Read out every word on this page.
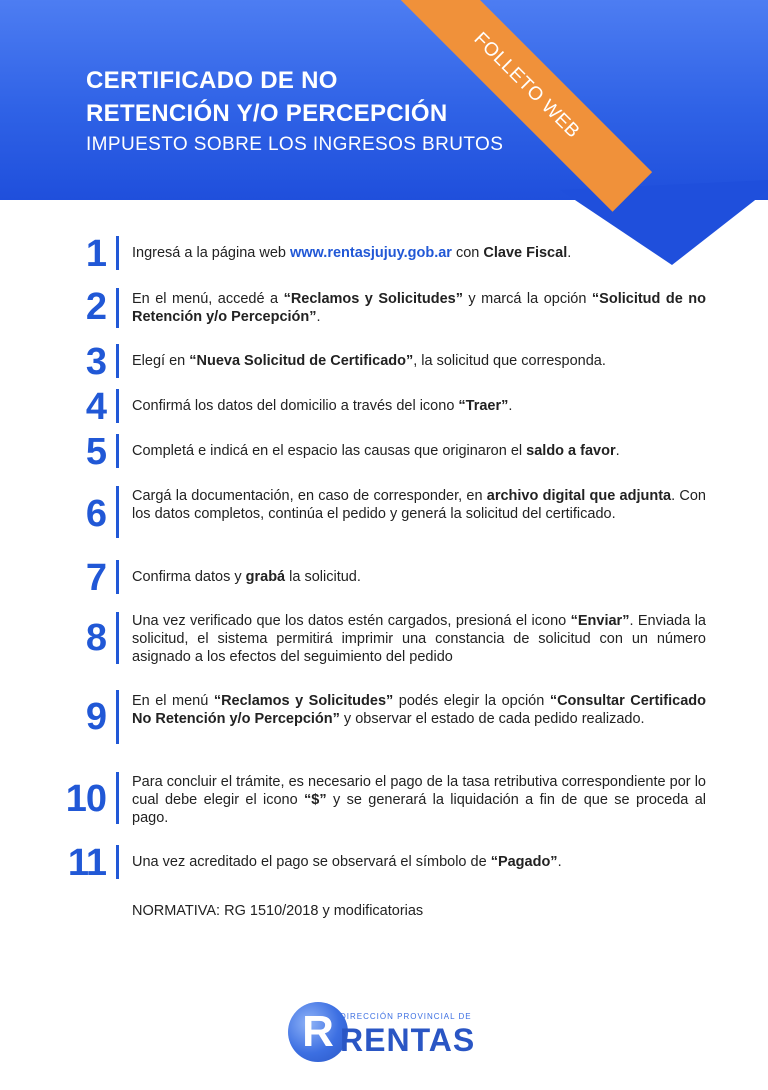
CERTIFICADO DE NO
RETENCIÓN Y/O PERCEPCIÓN
IMPUESTO SOBRE LOS INGRESOS BRUTOS
FOLLETO WEB
1 Ingresá a la página web www.rentasjujuy.gob.ar con Clave Fiscal.
2 En el menú, accedé a “Reclamos y Solicitudes” y marcá la opción “Solicitud de no Retención y/o Percepción”.
3 Elegí en “Nueva Solicitud de Certificado”, la solicitud que corresponda.
4 Confirmá los datos del domicilio a través del icono “Traer”.
5 Completá e indicá en el espacio las causas que originaron el saldo a favor.
6 Cargá la documentación, en caso de corresponder, en archivo digital que adjunta. Con los datos completos, continúa el pedido y generá la solicitud del certificado.
7 Confirma datos y grabá la solicitud.
8 Una vez verificado que los datos estén cargados, presioná el icono “Enviar”. Enviada la solicitud, el sistema permitirá imprimir una constancia de solicitud con un número asignado a los efectos del seguimiento del pedido
9 En el menú “Reclamos y Solicitudes” podés elegir la opción “Consultar Certificado No Retención y/o Percepción” y observar el estado de cada pedido realizado.
10 Para concluir el trámite, es necesario el pago de la tasa retributiva correspondiente por lo cual debe elegir el icono “$” y se generará la liquidación a fin de que se proceda al pago.
11 Una vez acreditado el pago se observará el símbolo de “Pagado”.
NORMATIVA: RG 1510/2018 y modificatorias
R DIRECCIÓN PROVINCIAL DE
RENTAS
